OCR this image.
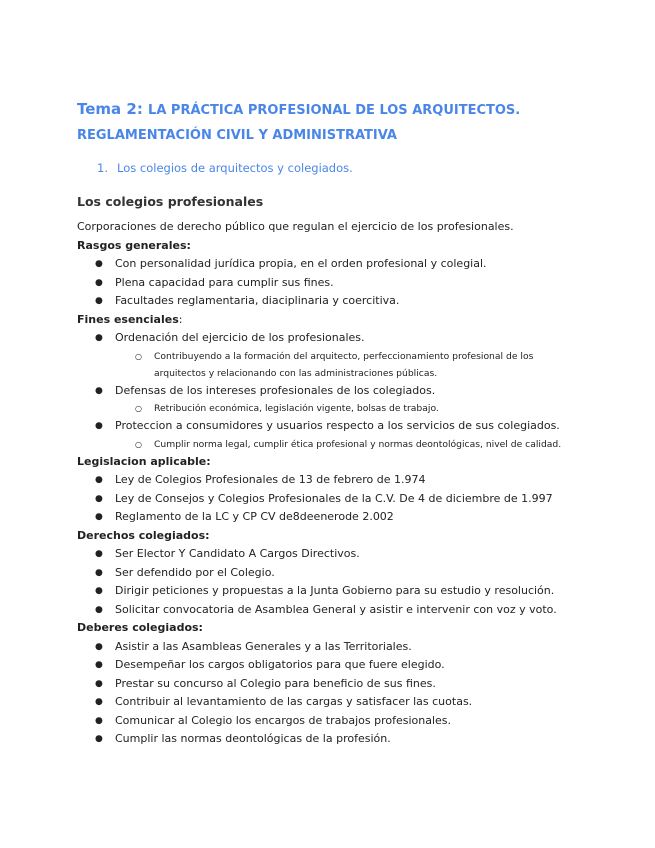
Tema 2: LA PRÁCTICA PROFESIONAL DE LOS ARQUITECTOS. REGLAMENTACIÓN CIVIL Y ADMINISTRATIVA
1. Los colegios de arquitectos y colegiados.
Los colegios profesionales
Corporaciones de derecho público que regulan el ejercicio de los profesionales.
Rasgos generales:
● Con personalidad jurídica propia, en el orden profesional y colegial.
● Plena capacidad para cumplir sus fines.
● Facultades reglamentaria, diaciplinaria y coercitiva.
Fines esenciales:
● Ordenación del ejercicio de los profesionales.
○ Contribuyendo a la formación del arquitecto, perfeccionamiento profesional de los arquitectos y relacionando con las administraciones públicas.
● Defensas de los intereses profesionales de los colegiados.
○ Retribución económica, legislación vigente, bolsas de trabajo.
● Proteccion a consumidores y usuarios respecto a los servicios de sus colegiados.
○ Cumplir norma legal, cumplir ética profesional y normas deontológicas, nivel de calidad.
Legislacion aplicable:
● Ley de Colegios Profesionales de 13 de febrero de 1.974
● Ley de Consejos y Colegios Profesionales de la C.V. De 4 de diciembre de 1.997
● Reglamento de la LC y CP CV de8deenerode 2.002
Derechos colegiados:
● Ser Elector Y Candidato A Cargos Directivos.
● Ser defendido por el Colegio.
● Dirigir peticiones y propuestas a la Junta Gobierno para su estudio y resolución.
● Solicitar convocatoria de Asamblea General y asistir e intervenir con voz y voto.
Deberes colegiados:
● Asistir a las Asambleas Generales y a las Territoriales.
● Desempeñar los cargos obligatorios para que fuere elegido.
● Prestar su concurso al Colegio para beneficio de sus fines.
● Contribuir al levantamiento de las cargas y satisfacer las cuotas.
● Comunicar al Colegio los encargos de trabajos profesionales.
● Cumplir las normas deontológicas de la profesión.
